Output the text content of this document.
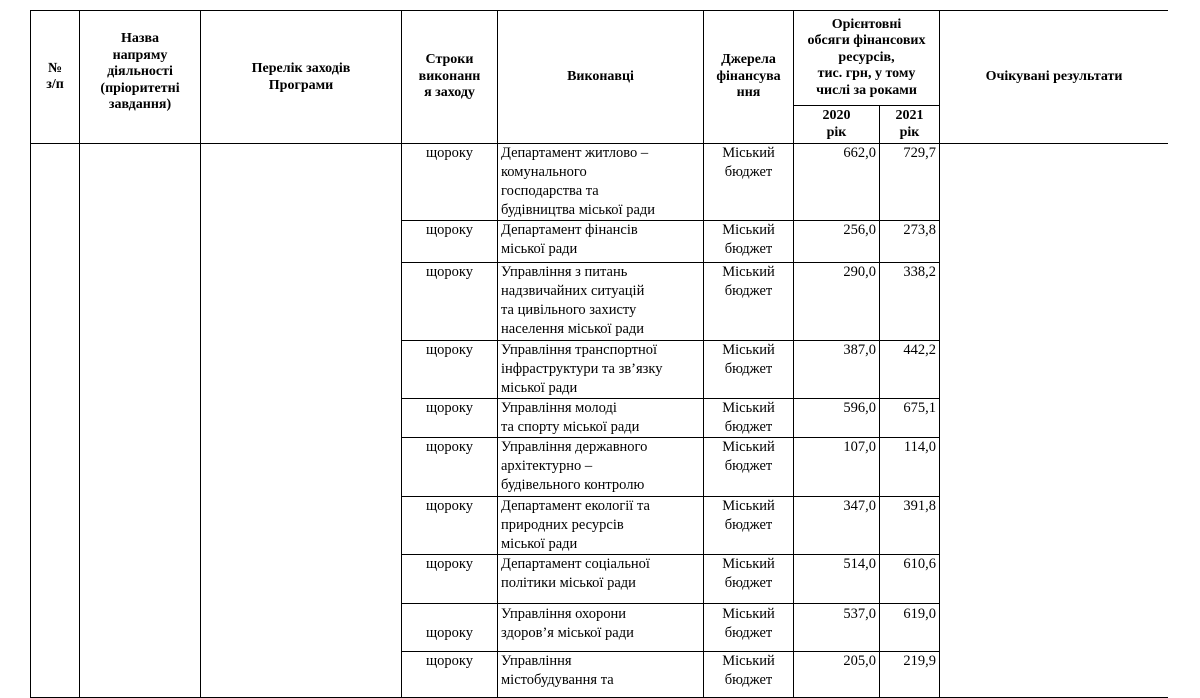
№
з/п	Назва
напряму
діяльності
(пріоритетні
завдання)	Перелік заходів
Програми	Строки
виконанн
я заходу	Виконавці	Джерела
фінансува
ння	Орієнтовні
обсяги фінансових
ресурсів,
тис. грн, у тому
числі за роками		Очікувані результати
						2020
рік	2021
рік	
			щороку	Департамент житлово –
комунального
господарства та
будівництва міської ради	Міський
бюджет	662,0	729,7	
			щороку	Департамент фінансів
міської ради	Міський
бюджет	256,0	273,8	
			щороку	Управління з питань
надзвичайних ситуацій
та цивільного захисту
населення міської ради	Міський
бюджет	290,0	338,2	
			щороку	Управління транспортної
інфраструктури та зв’язку
міської ради	Міський
бюджет	387,0	442,2	
			щороку	Управління молоді
та спорту міської ради	Міський
бюджет	596,0	675,1	
			щороку	Управління державного
архітектурно –
будівельного контролю	Міський
бюджет	107,0	114,0	
			щороку	Департамент екології та
природних ресурсів
міської ради	Міський
бюджет	347,0	391,8	
			щороку	Департамент соціальної
політики міської ради	Міський
бюджет	514,0	610,6	
			щороку	Управління охорони
здоров’я міської ради	Міський
бюджет	537,0	619,0	
			щороку	Управління
містобудування та	Міський
бюджет	205,0	219,9	
